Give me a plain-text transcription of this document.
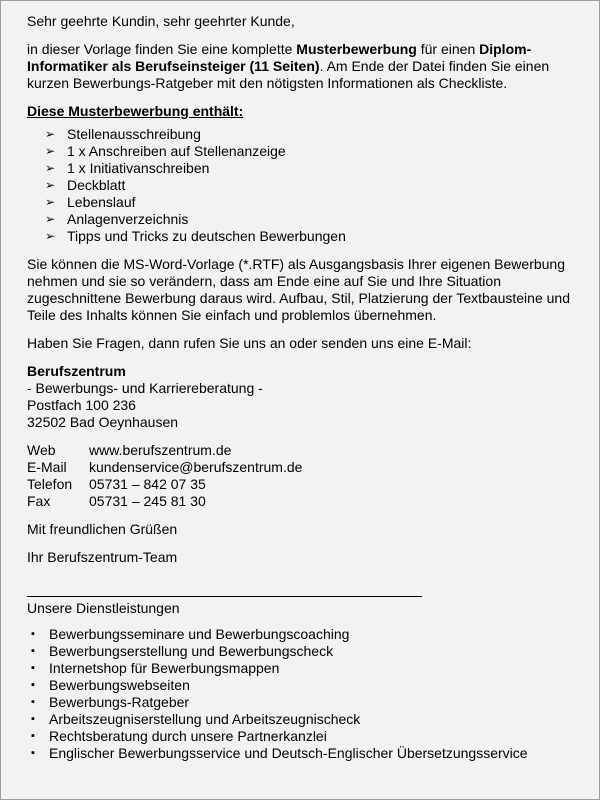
Sehr geehrte Kundin, sehr geehrter Kunde,

in dieser Vorlage finden Sie eine komplette Musterbewerbung für einen Diplom-Informatiker als Berufseinsteiger (11 Seiten). Am Ende der Datei finden Sie einen kurzen Bewerbungs-Ratgeber mit den nötigsten Informationen als Checkliste.

Diese Musterbewerbung enthält:

➢ Stellenausschreibung
➢ 1 x Anschreiben auf Stellenanzeige
➢ 1 x Initiativanschreiben
➢ Deckblatt
➢ Lebenslauf
➢ Anlagenverzeichnis
➢ Tipps und Tricks zu deutschen Bewerbungen

Sie können die MS-Word-Vorlage (*.RTF) als Ausgangsbasis Ihrer eigenen Bewerbung nehmen und sie so verändern, dass am Ende eine auf Sie und Ihre Situation zugeschnittene Bewerbung daraus wird. Aufbau, Stil, Platzierung der Textbausteine und Teile des Inhalts können Sie einfach und problemlos übernehmen.

Haben Sie Fragen, dann rufen Sie uns an oder senden uns eine E-Mail:

Berufszentrum

- Bewerbungs- und Karriereberatung -

Postfach 100 236

32502 Bad Oeynhausen

Web	www.berufszentrum.de
E-Mail	kundenservice@berufszentrum.de
Telefon	05731 – 842 07 35
Fax	05731 – 245 81 30

Mit freundlichen Grüßen

Ihr Berufszentrum-Team

Unsere Dienstleistungen

▪	Bewerbungsseminare und Bewerbungscoaching
▪	Bewerbungserstellung und Bewerbungscheck
▪	Internetshop für Bewerbungsmappen
▪	Bewerbungswebseiten
▪	Bewerbungs-Ratgeber
▪	Arbeitszeugniserstellung und Arbeitszeugnischeck
▪	Rechtsberatung durch unsere Partnerkanzlei
▪	Englischer Bewerbungsservice und Deutsch-Englischer Übersetzungsservice
